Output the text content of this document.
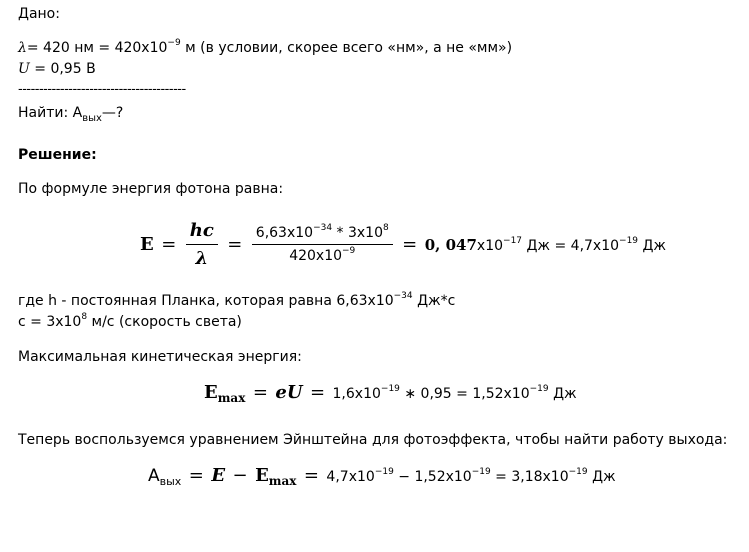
Дано:
λ= 420 нм = $420x10^{-9}$ м (в условии, скорее всего «нм», а не «мм»)
U = 0,95 В
----------------------------------------
Найти: $A_{вых}—$?
Решение:
По формуле энергия фотона равна:
$E = \frac{hc}{\lambda} = \frac{6,63x10^{-34} * 3x10^8}{420x10^{-9}} = 0$, $047x10^{-17}$ Дж = $4,7x10^{-19}$ Дж
где h - постоянная Планка, которая равна $6,63x10^{-34}$ Дж*с
$с = 3x10^8$ м/с (скорость света)
Максимальная кинетическая энергия:
$E_{max}$ = eU = $1,6x10^{-19}$ ∗ $0,95 = 1,52x10^{-19}$ Дж
Теперь воспользуемся уравнением Эйнштейна для фотоэффекта, чтобы найти работу выхода:
$A_{вых} = E - E_{max} = 4,7x10^{-19} - 1,52x10^{-19} = 3,18x10^{-19}$ Дж
